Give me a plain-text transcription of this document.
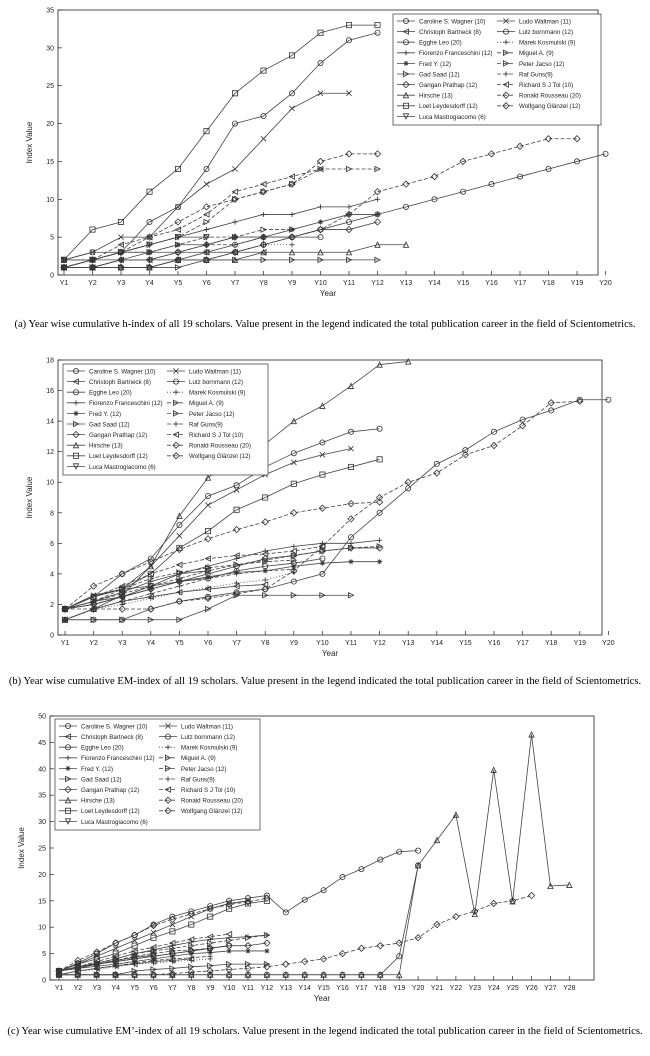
0
5
10
15
20
25
30
35
Y1	Y2	Y3	Y4	Y5	Y6	Y7	Y8	Y9	Y10 Y11 Y12 Y13 Y14 Y15 Y16 Y17 Y18 Y19 Y20
Year
Index Value
Caroline S. Wagner (10)
Christoph Bartneck (8)
Egghe Leo (20)
Fiorenzo Franceschini (12)
Fred Y. (12)
Gad Saad (12)
Gangan Prathap (12)
Hirsche (13)
Loet Leydesdorff (12)
Luca Mastrogiacomo (6)
Ludo Waltman (11)
Lutz bornmann (12)
Marek Kosmulski (9)
Miguel A. (9)
Peter Jacso (12)
Raf Guns(9)
Richard S J Tol (10)
Ronald Rousseau (20)
Wolfgang Glänzel (12)
(a) Year wise cumulative h-index of all 19 scholars. Value present in the legend indicated the total publication career in the field of Scientometrics.
0
2
4
6
8
10
12
14
16
18
Y1	Y2	Y3	Y4	Y5	Y6	Y7	Y8	Y9	Y10 Y11 Y12 Y13 Y14 Y15 Y16 Y17 Y18 Y19 Y20
Year
Index Value
Caroline S. Wagner (10)
Christoph Bartneck (8)
Egghe Leo (20)
Fiorenzo Franceschini (12)
Fred Y. (12)
Gad Saad (12)
Gangan Prathap (12)
Hirsche (13)
Loet Leydesdorff (12)
Luca Mastrogiacomo (6)
Ludo Waltman (11)
Lutz bornmann (12)
Marek Kosmulski (9)
Miguel A. (9)
Peter Jacso (12)
Raf Guns(9)
Richard S J Tol (10)
Ronald Rousseau (20)
Wolfgang Glänzel (12)
(b) Year wise cumulative EM-index of all 19 scholars. Value present in the legend indicated the total publication career in the field of Scientometrics.
0
5
10
15
20
25
30
35
40
45
50
Y1 Y2 Y3 Y4 Y5 Y6 Y7 Y8 Y9 Y10 Y11 Y12 Y13 Y14 Y15 Y16 Y17 Y18 Y19 Y20 Y21 Y22 Y23 Y24 Y25 Y26 Y27 Y28
Year
Index Value
Caroline S. Wagner (10)
Christoph Bartneck (8)
Egghe Leo (20)
Fiorenzo Franceschini (12)
Fred Y. (12)
Gad Saad (12)
Gangan Prathap (12)
Hirsche (13)
Loet Leydesdorff (12)
Luca Mastrogiacomo (6)
Ludo Waltman (11)
Lutz bornmann (12)
Marek Kosmulski (9)
Miguel A. (9)
Peter Jacso (12)
Raf Guns(9)
Richard S J Tol (10)
Ronald Rousseau (20)
Wolfgang Glänzel (12)
(c) Year wise cumulative EM’-index of all 19 scholars. Value present in the legend indicated the total publication career in the field of Scientometrics.
